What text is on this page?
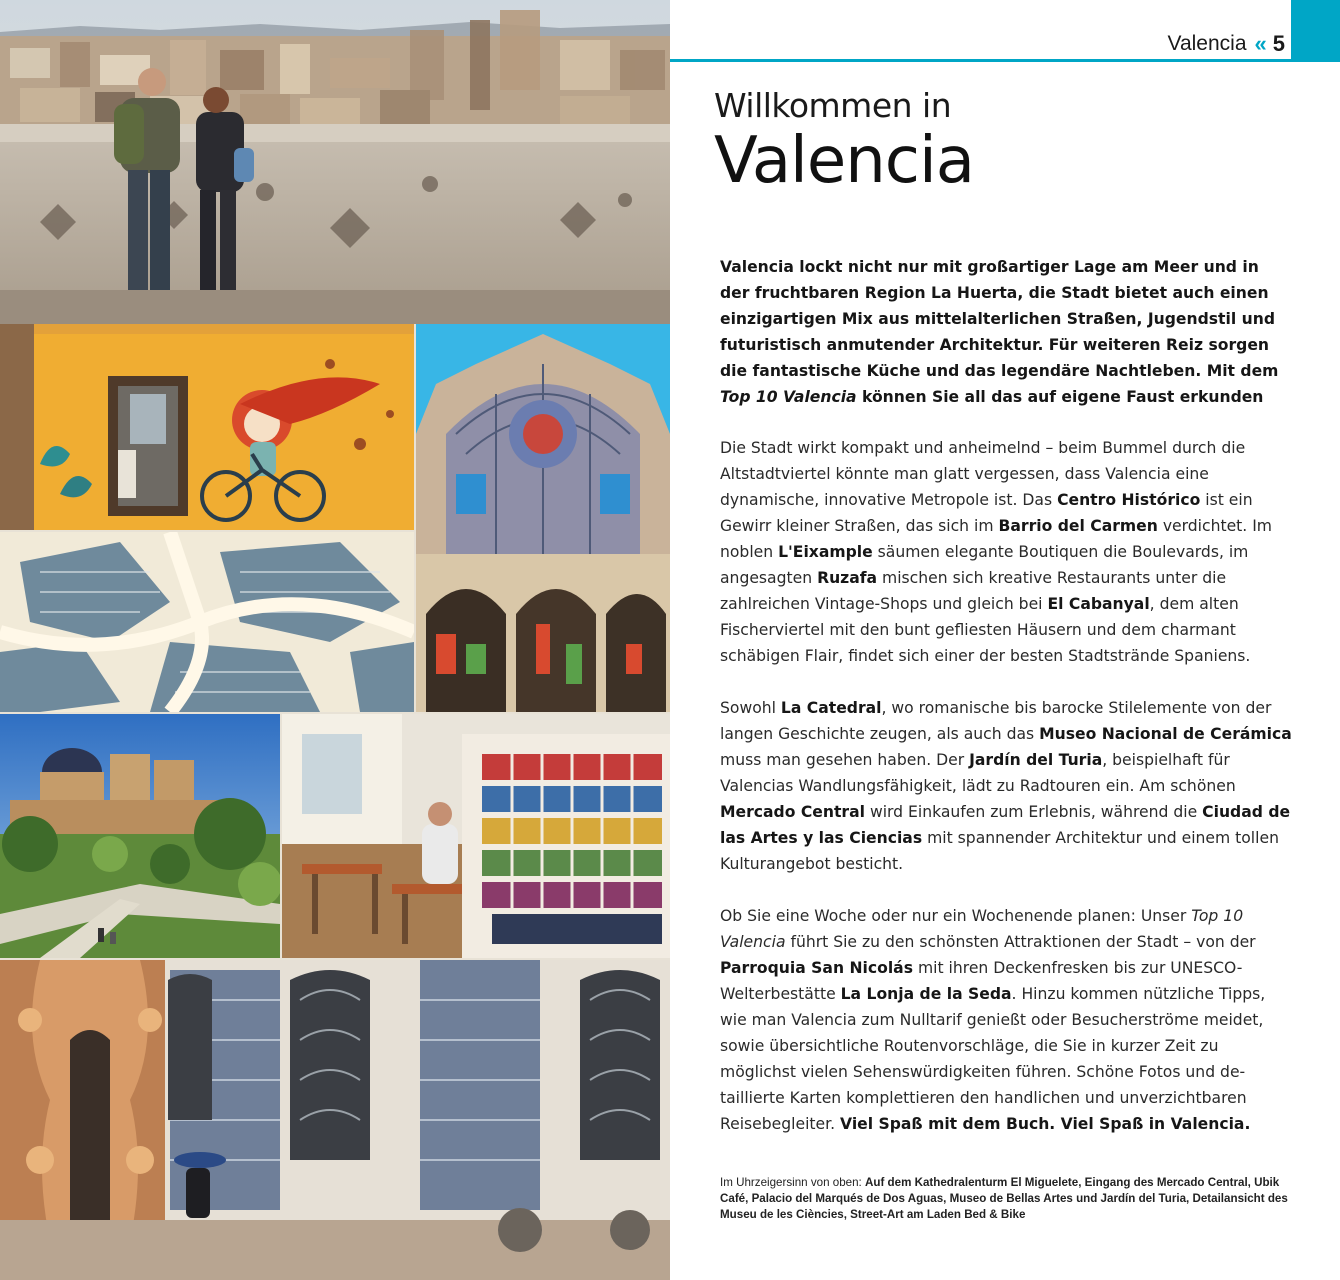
Valencia « 5
Willkommen in
Valencia

Valencia lockt nicht nur mit großartiger Lage am Meer und in der fruchtbaren Region La Huerta, die Stadt bietet auch einen einzigartigen Mix aus mittelalterlichen Straßen, Jugendstil und futuristisch anmutender Architektur. Für weiteren Reiz sorgen die fantastische Küche und das legendäre Nachtleben. Mit dem Top 10 Valencia können Sie all das auf eigene Faust erkunden

Die Stadt wirkt kompakt und anheimelnd – beim Bummel durch die Altstadtviertel könnte man glatt vergessen, dass Valencia eine dynamische, innovative Metropole ist. Das Centro Histórico ist ein Gewirr kleiner Straßen, das sich im Barrio del Carmen verdichtet. Im noblen L'Eixample säumen elegante Boutiquen die Boulevards, im angesagten Ruzafa mischen sich kreative Restaurants unter die zahlreichen Vintage-Shops und gleich bei El Cabanyal, dem alten Fischerviertel mit den bunt gefliesten Häusern und dem charmant schäbigen Flair, findet sich einer der besten Stadtstrände Spaniens.

Sowohl La Catedral, wo romanische bis barocke Stilelemente von der langen Geschichte zeugen, als auch das Museo Nacional de Cerámica muss man gesehen haben. Der Jardín del Turia, beispielhaft für Valencias Wandlungsfähigkeit, lädt zu Radtouren ein. Am schönen Mercado Central wird Einkaufen zum Erlebnis, während die Ciudad de las Artes y las Ciencias mit spannender Architektur und einem tollen Kulturangebot besticht.

Ob Sie eine Woche oder nur ein Wochenende planen: Unser Top 10 Valencia führt Sie zu den schönsten Attraktionen der Stadt – von der Parroquia San Nicolás mit ihren Deckenfresken bis zur UNESCO-Welterbestätte La Lonja de la Seda. Hinzu kommen nützliche Tipps, wie man Valencia zum Nulltarif genießt oder Besucherströme meidet, sowie übersichtliche Routenvorschläge, die Sie in kurzer Zeit zu möglichst vielen Sehenswürdigkeiten führen. Schöne Fotos und detaillierte Karten komplettieren den handlichen und unverzichtbaren Reisebegleiter. Viel Spaß mit dem Buch. Viel Spaß in Valencia.

Im Uhrzeigersinn von oben: Auf dem Kathedralenturm El Miguelete, Eingang des Mercado Central, Ubik Café, Palacio del Marqués de Dos Aguas, Museo de Bellas Artes und Jardín del Turia, Detailansicht des Museu de les Ciències, Street-Art am Laden Bed & Bike
